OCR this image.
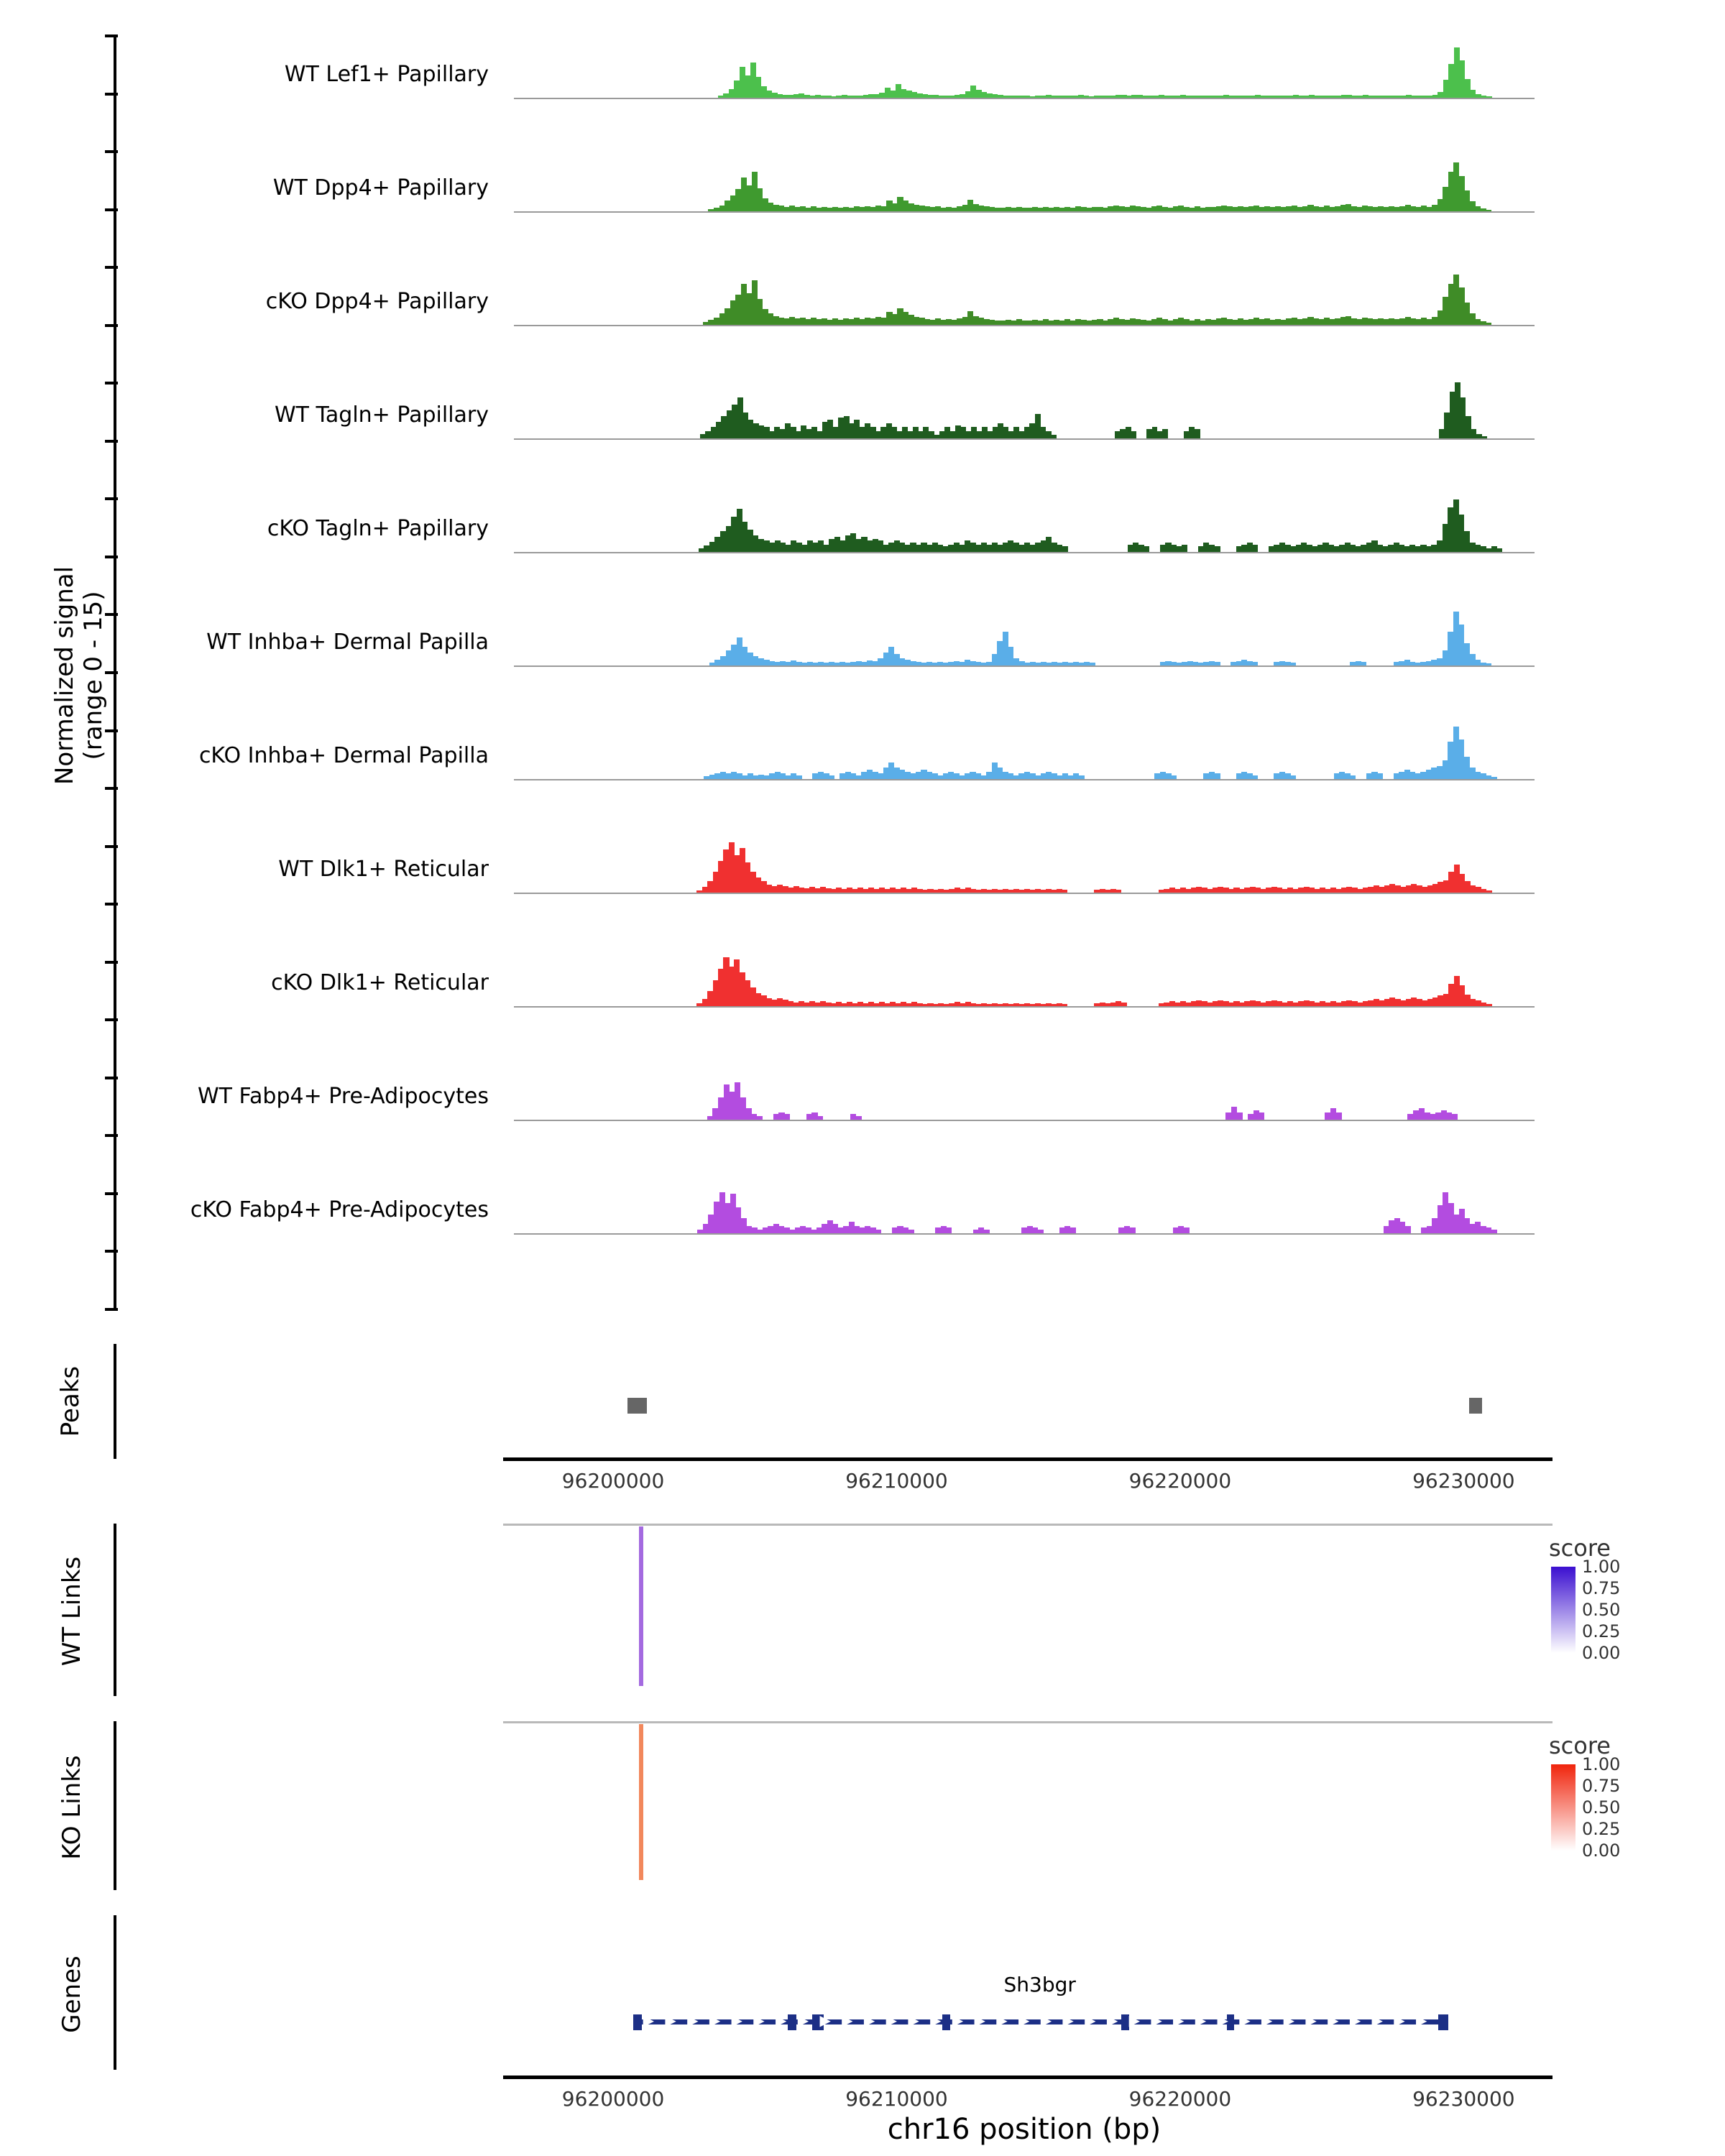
Normalized signal (range 0 - 15)
WT Lef1+ Papillary
WT Dpp4+ Papillary
cKO Dpp4+ Papillary
WT Tagln+ Papillary
cKO Tagln+ Papillary
WT Inhba+ Dermal Papilla
cKO Inhba+ Dermal Papilla
WT Dlk1+ Reticular
cKO Dlk1+ Reticular
WT Fabp4+ Pre-Adipocytes
cKO Fabp4+ Pre-Adipocytes
Peaks
96200000	96210000	96220000	96230000
WT Links
KO Links
score
1.00
0.75
0.50
0.25
0.00
score
1.00
0.75
0.50
0.25
0.00
Genes	Sh3bgr
▶ ▶ ▶ ▶ ▶ ▶ ▶ ▶ ▶ ▶ ▶ ▶ ▶ ▶ ▶ ▶ ▶ ▶ ▶ ▶ ▶ ▶ ▶ ▶ ▶ ▶ ▶ ▶ ▶ ▶ ▶ ▶ ▶ ▶ ▶ ▶
96200000	96210000	96220000	96230000
chr16 position (bp)
